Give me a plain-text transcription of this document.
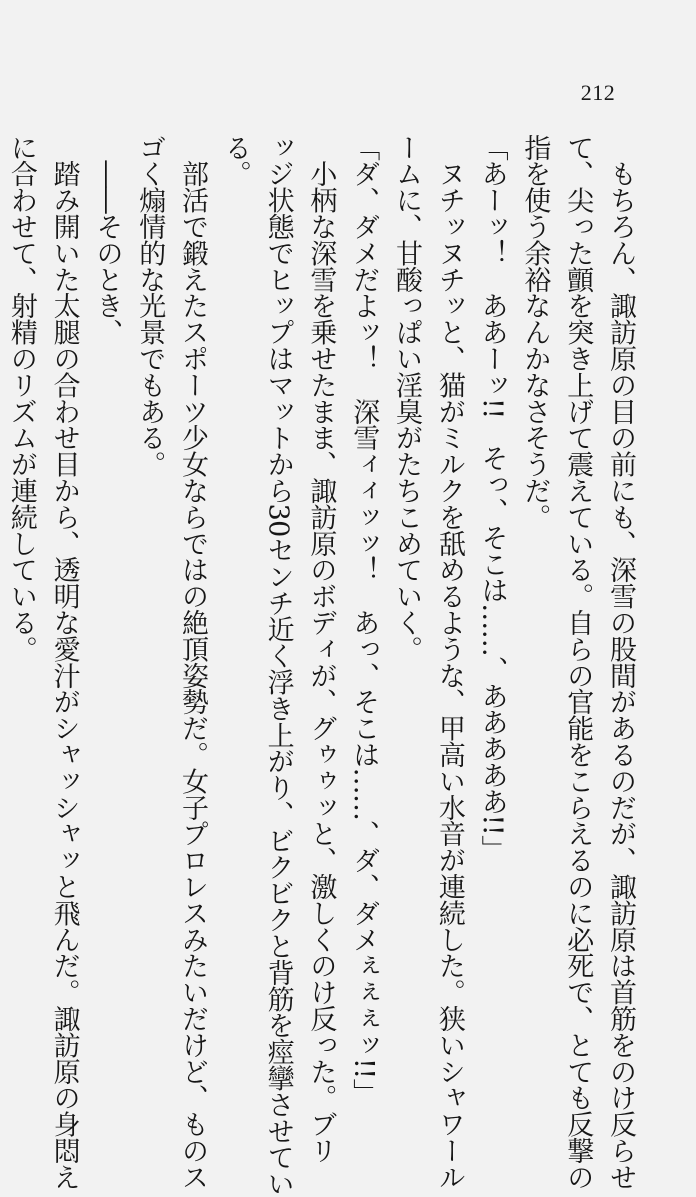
212
　もちろん、諏訪原の目の前にも、深雪の股間があるのだが、諏訪原は首筋をのけ反らせ
て、尖った顫を突き上げて震えている。自らの官能をこらえるのに必死で、とても反撃の
指を使う余裕なんかなさそうだ。
「あーッ！　ああーッ!!　そっ、そこは……、あああああ!!」
　ヌチッヌチッと、猫がミルクを舐めるような、甲高い水音が連続した。狭いシャワール
ームに、甘酸っぱい淫臭がたちこめていく。
「ダ、ダメだよッ！　深雪ィィッッ！　あっ、そこは……、ダ、ダメぇぇぇッ!!」
　小柄な深雪を乗せたまま、諏訪原のボディが、グゥゥッと、激しくのけ反った。ブリ
ッジ状態でヒップはマットから30センチ近く浮き上がり、ビクビクと背筋を痙攣させてい
る。
　部活で鍛えたスポーツ少女ならではの絶頂姿勢だ。女子プロレスみたいだけど、ものス
ゴく煽情的な光景でもある。
　――そのとき、
　踏み開いた太腿の合わせ目から、透明な愛汁がシャッシャッと飛んだ。諏訪原の身悶え
に合わせて、射精のリズムが連続している。
